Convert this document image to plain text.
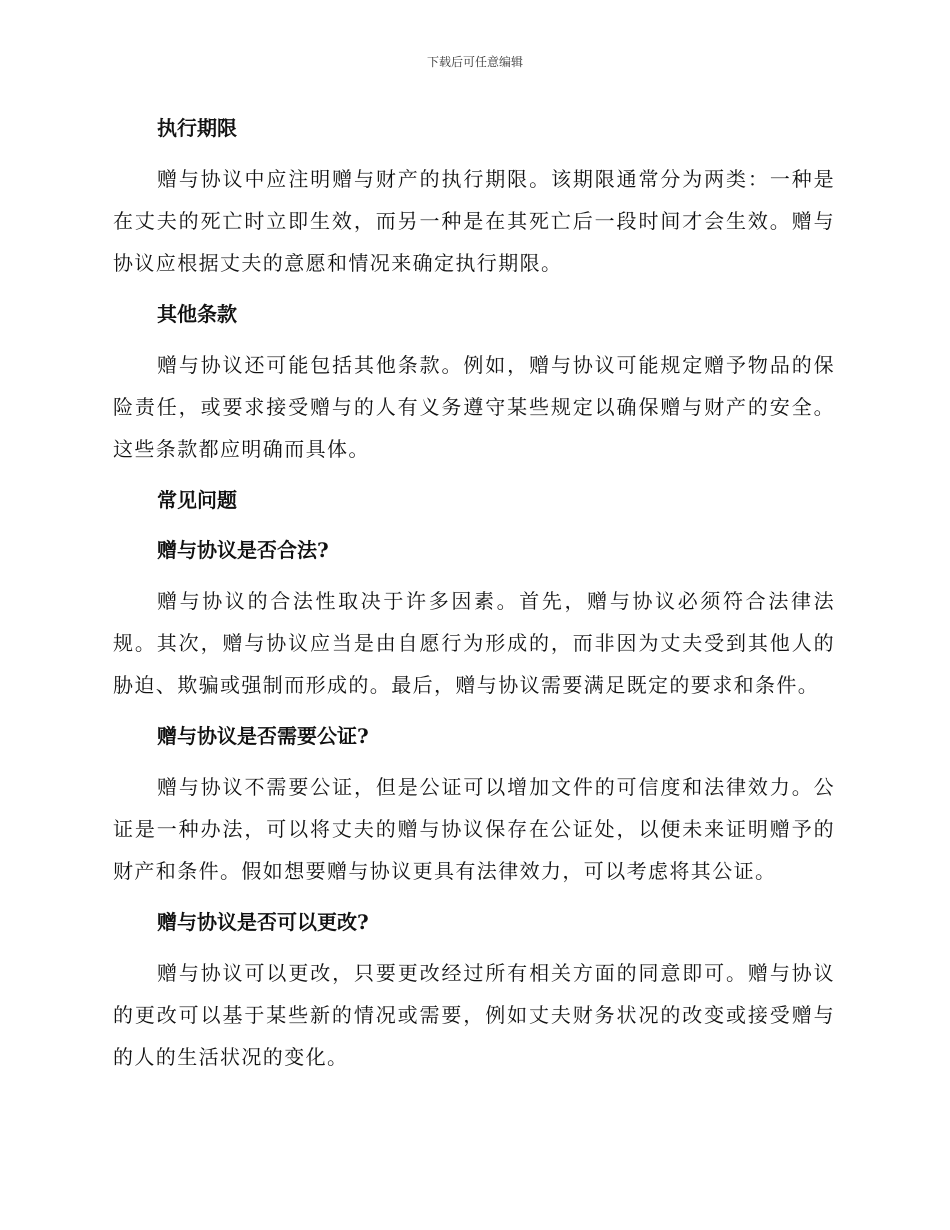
下载后可任意编辑
执行期限

赠与协议中应注明赠与财产的执行期限。该期限通常分为两类：一种是在丈夫的死亡时立即生效，而另一种是在其死亡后一段时间才会生效。赠与协议应根据丈夫的意愿和情况来确定执行期限。

其他条款

赠与协议还可能包括其他条款。例如，赠与协议可能规定赠予物品的保险责任，或要求接受赠与的人有义务遵守某些规定以确保赠与财产的安全。这些条款都应明确而具体。

常见问题
赠与协议是否合法?

赠与协议的合法性取决于许多因素。首先，赠与协议必须符合法律法规。其次，赠与协议应当是由自愿行为形成的，而非因为丈夫受到其他人的胁迫、欺骗或强制而形成的。最后，赠与协议需要满足既定的要求和条件。

赠与协议是否需要公证?

赠与协议不需要公证，但是公证可以增加文件的可信度和法律效力。公证是一种办法，可以将丈夫的赠与协议保存在公证处，以便未来证明赠予的财产和条件。假如想要赠与协议更具有法律效力，可以考虑将其公证。

赠与协议是否可以更改?

赠与协议可以更改，只要更改经过所有相关方面的同意即可。赠与协议的更改可以基于某些新的情况或需要，例如丈夫财务状况的改变或接受赠与的人的生活状况的变化。
